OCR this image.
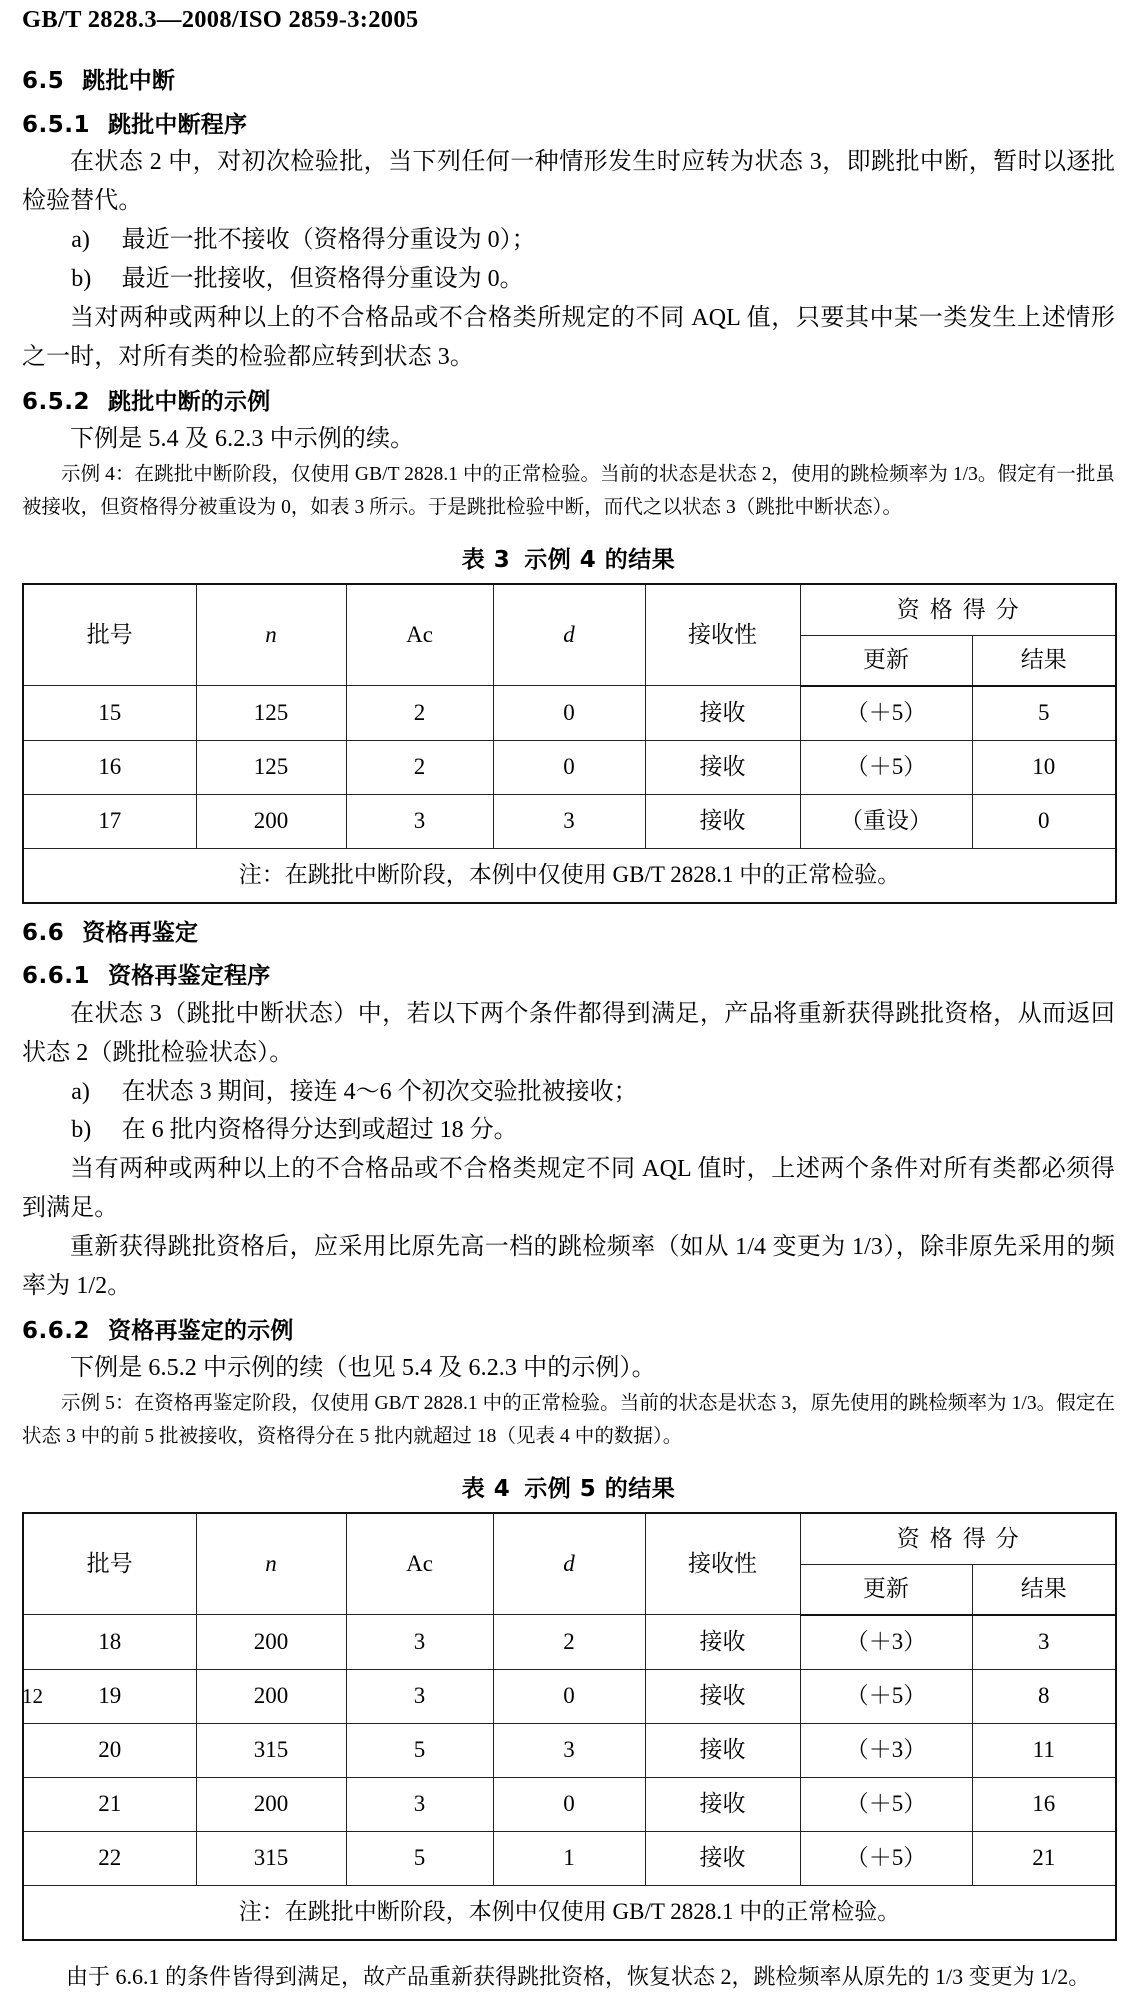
GB/T 2828.3—2008/ISO 2859-3:2005
6.5 跳批中断
6.5.1 跳批中断程序

在状态 2 中，对初次检验批，当下列任何一种情形发生时应转为状态 3，即跳批中断，暂时以逐批检验替代。

a) 最近一批不接收（资格得分重设为 0）；

b) 最近一批接收，但资格得分重设为 0。

当对两种或两种以上的不合格品或不合格类所规定的不同 AQL 值，只要其中某一类发生上述情形之一时，对所有类的检验都应转到状态 3。

6.5.2 跳批中断的示例

下例是 5.4 及 6.2.3 中示例的续。

示例 4：在跳批中断阶段，仅使用 GB/T 2828.1 中的正常检验。当前的状态是状态 2，使用的跳检频率为 1/3。假定有一批虽被接收，但资格得分被重设为 0，如表 3 所示。于是跳批检验中断，而代之以状态 3（跳批中断状态）。

表 3 示例 4 的结果
批号	n	Ac	d	接收性	资格得分	
					更新	结果
15	125	2	0	接收	（＋5）	5
16	125	2	0	接收	（＋5）	10
17	200	3	3	接收	（重设）	0
注：在跳批中断阶段，本例中仅使用 GB/T 2828.1 中的正常检验。						
6.6 资格再鉴定
6.6.1 资格再鉴定程序

在状态 3（跳批中断状态）中，若以下两个条件都得到满足，产品将重新获得跳批资格，从而返回状态 2（跳批检验状态）。

a) 在状态 3 期间，接连 4～6 个初次交验批被接收；

b) 在 6 批内资格得分达到或超过 18 分。

当有两种或两种以上的不合格品或不合格类规定不同 AQL 值时，上述两个条件对所有类都必须得到满足。

重新获得跳批资格后，应采用比原先高一档的跳检频率（如从 1/4 变更为 1/3），除非原先采用的频率为 1/2。

6.6.2 资格再鉴定的示例

下例是 6.5.2 中示例的续（也见 5.4 及 6.2.3 中的示例）。

示例 5：在资格再鉴定阶段，仅使用 GB/T 2828.1 中的正常检验。当前的状态是状态 3，原先使用的跳检频率为 1/3。假定在状态 3 中的前 5 批被接收，资格得分在 5 批内就超过 18（见表 4 中的数据）。

表 4 示例 5 的结果
批号	n	Ac	d	接收性	资格得分	
					更新	结果
18	200	3	2	接收	（＋3）	3
19	200	3	0	接收	（＋5）	8
20	315	5	3	接收	（＋3）	11
21	200	3	0	接收	（＋5）	16
22	315	5	1	接收	（＋5）	21
注：在跳批中断阶段，本例中仅使用 GB/T 2828.1 中的正常检验。						

由于 6.6.1 的条件皆得到满足，故产品重新获得跳批资格，恢复状态 2，跳检频率从原先的 1/3 变更为 1/2。

12
